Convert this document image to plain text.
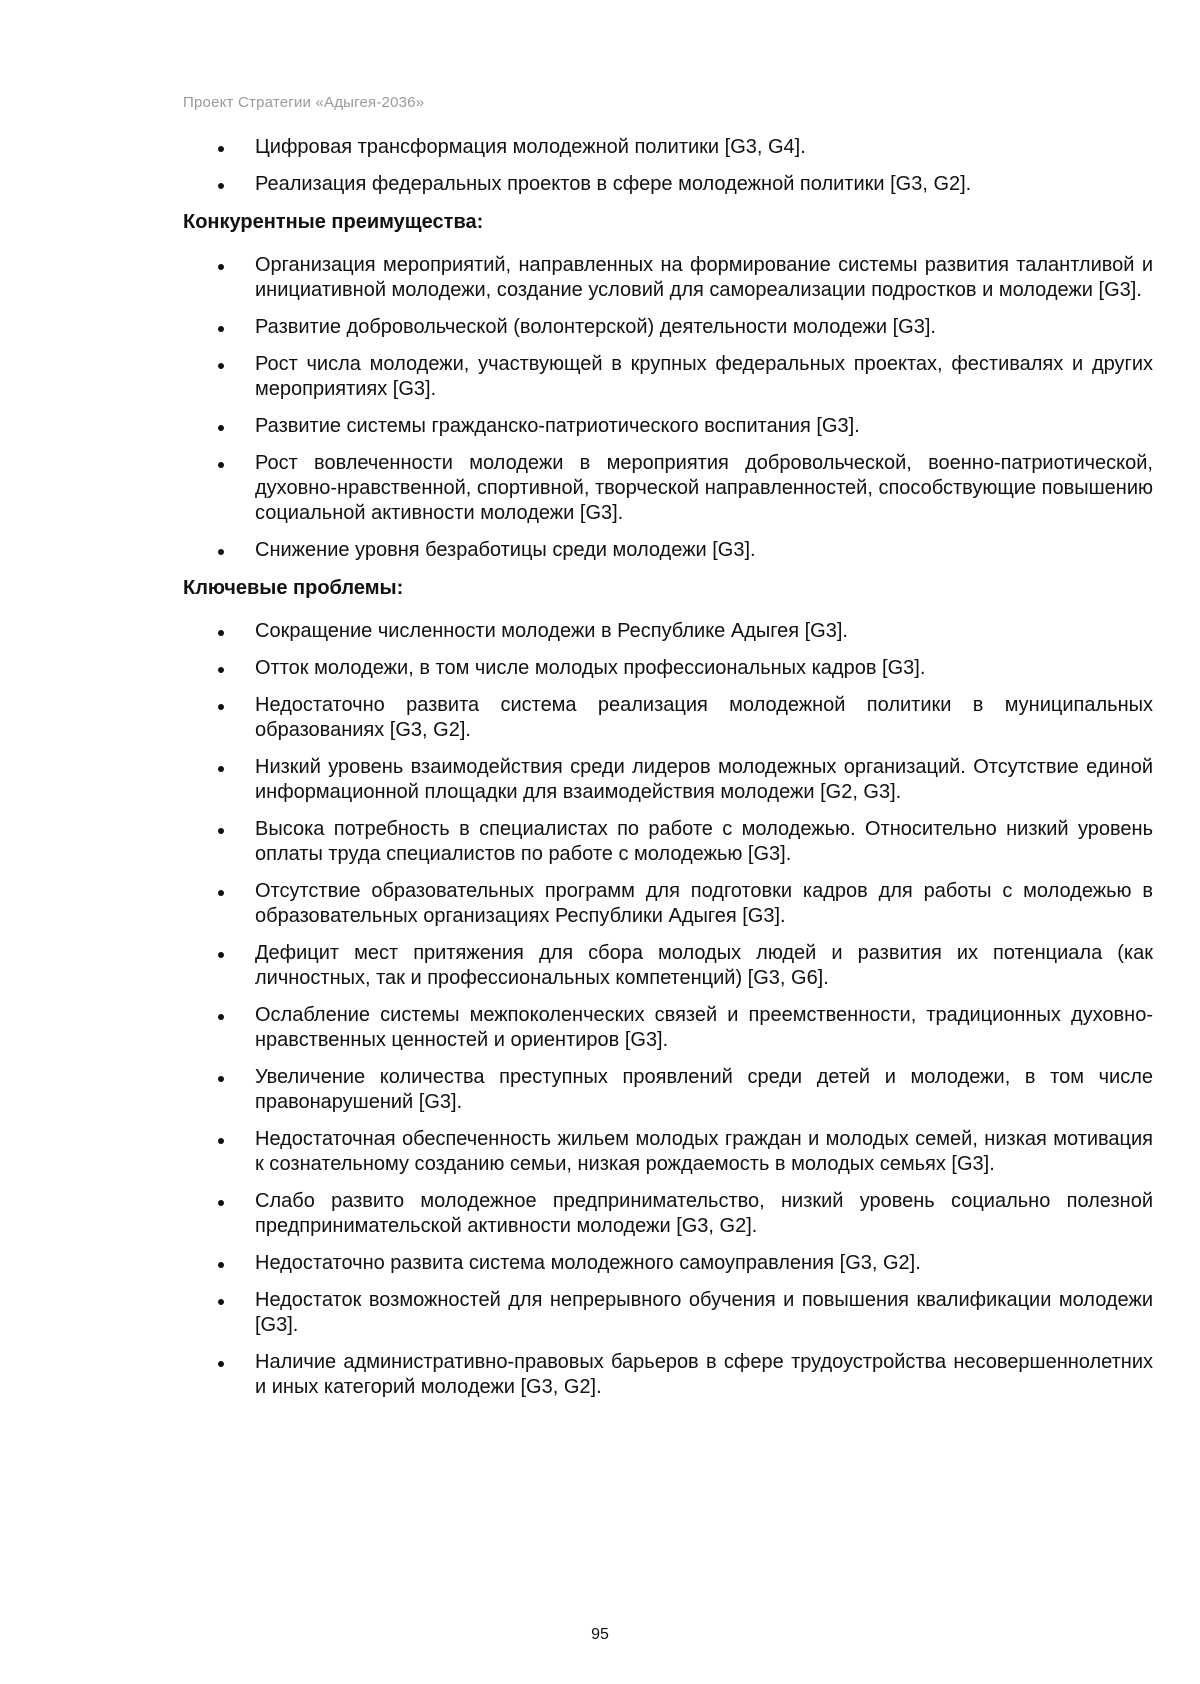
Проект Стратегии «Адыгея-2036»
Цифровая трансформация молодежной политики [G3, G4].
Реализация федеральных проектов в сфере молодежной политики [G3, G2].
Конкурентные преимущества:
Организация мероприятий, направленных на формирование системы развития талантливой и инициативной молодежи, создание условий для самореализации подростков и молодежи [G3].
Развитие добровольческой (волонтерской) деятельности молодежи [G3].
Рост числа молодежи, участвующей в крупных федеральных проектах, фестивалях и других мероприятиях [G3].
Развитие системы гражданско-патриотического воспитания [G3].
Рост вовлеченности молодежи в мероприятия добровольческой, военно-патриотической, духовно-нравственной, спортивной, творческой направленностей, способствующие повышению социальной активности молодежи [G3].
Снижение уровня безработицы среди молодежи [G3].
Ключевые проблемы:
Сокращение численности молодежи в Республике Адыгея [G3].
Отток молодежи, в том числе молодых профессиональных кадров [G3].
Недостаточно развита система реализация молодежной политики в муниципальных образованиях [G3, G2].
Низкий уровень взаимодействия среди лидеров молодежных организаций. Отсутствие единой информационной площадки для взаимодействия молодежи [G2, G3].
Высока потребность в специалистах по работе с молодежью. Относительно низкий уровень оплаты труда специалистов по работе с молодежью [G3].
Отсутствие образовательных программ для подготовки кадров для работы с молодежью в образовательных организациях Республики Адыгея [G3].
Дефицит мест притяжения для сбора молодых людей и развития их потенциала (как личностных, так и профессиональных компетенций) [G3, G6].
Ослабление системы межпоколенческих связей и преемственности, традиционных духовно-нравственных ценностей и ориентиров [G3].
Увеличение количества преступных проявлений среди детей и молодежи, в том числе правонарушений [G3].
Недостаточная обеспеченность жильем молодых граждан и молодых семей, низкая мотивация к сознательному созданию семьи, низкая рождаемость в молодых семьях [G3].
Слабо развито молодежное предпринимательство, низкий уровень социально полезной предпринимательской активности молодежи [G3, G2].
Недостаточно развита система молодежного самоуправления [G3, G2].
Недостаток возможностей для непрерывного обучения и повышения квалификации молодежи [G3].
Наличие административно-правовых барьеров в сфере трудоустройства несовершеннолетних и иных категорий молодежи [G3, G2].
95
